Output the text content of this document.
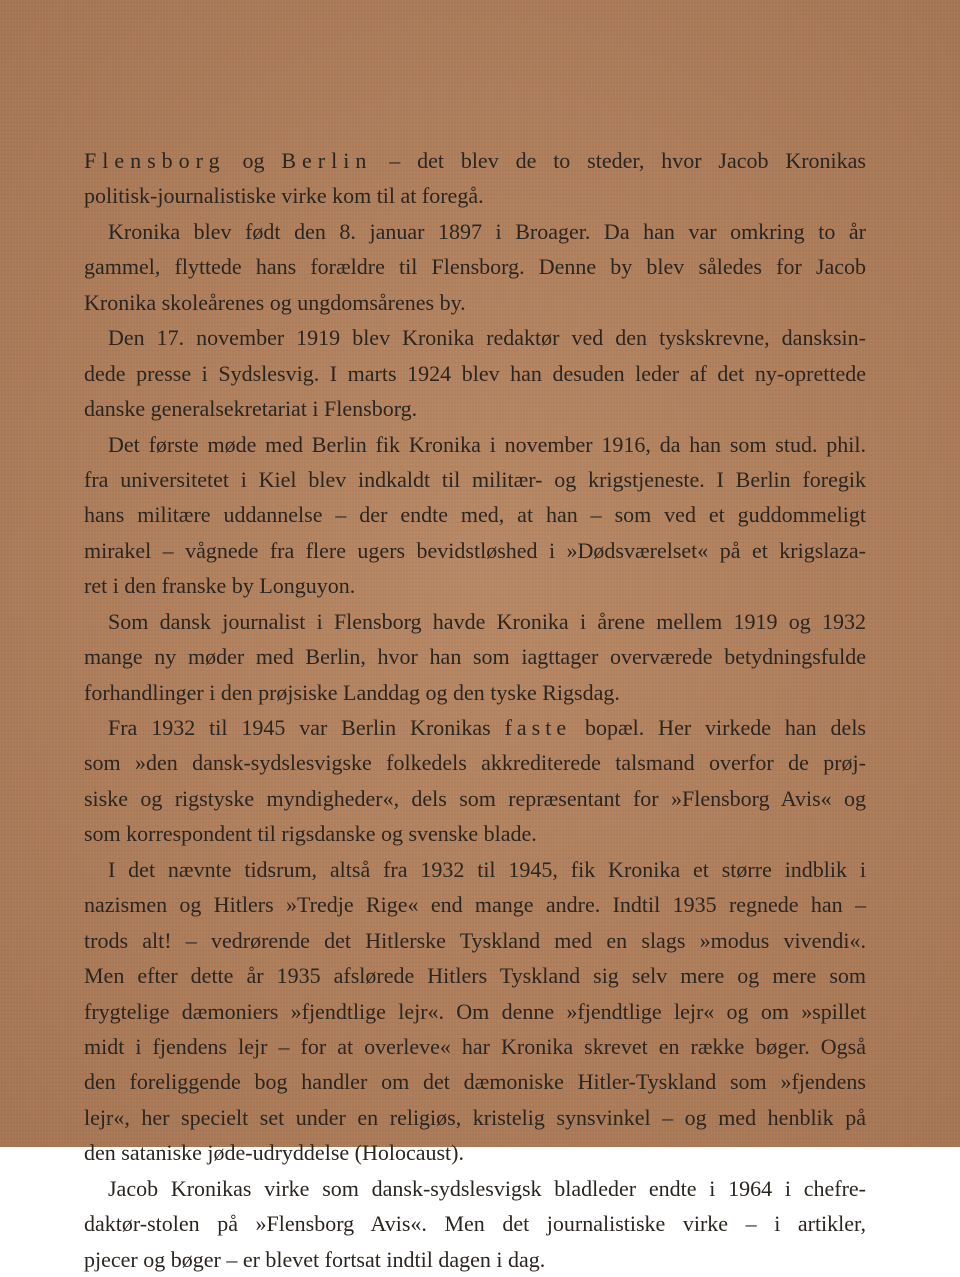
Flensborg og Berlin – det blev de to steder, hvor Jacob Kronikas
politisk-journalistiske virke kom til at foregå.
Kronika blev født den 8. januar 1897 i Broager. Da han var omkring to år
gammel, flyttede hans forældre til Flensborg. Denne by blev således for Jacob
Kronika skoleårenes og ungdomsårenes by.
Den 17. november 1919 blev Kronika redaktør ved den tyskskrevne, dansksin-
dede presse i Sydslesvig. I marts 1924 blev han desuden leder af det ny-oprettede
danske generalsekretariat i Flensborg.
Det første møde med Berlin fik Kronika i november 1916, da han som stud. phil.
fra universitetet i Kiel blev indkaldt til militær- og krigstjeneste. I Berlin foregik
hans militære uddannelse – der endte med, at han – som ved et guddommeligt
mirakel – vågnede fra flere ugers bevidstløshed i »Dødsværelset« på et krigslaza-
ret i den franske by Longuyon.
Som dansk journalist i Flensborg havde Kronika i årene mellem 1919 og 1932
mange ny møder med Berlin, hvor han som iagttager overværede betydningsfulde
forhandlinger i den prøjsiske Landdag og den tyske Rigsdag.
Fra 1932 til 1945 var Berlin Kronikas faste bopæl. Her virkede han dels
som »den dansk-sydslesvigske folkedels akkrediterede talsmand overfor de prøj-
siske og rigstyske myndigheder«, dels som repræsentant for »Flensborg Avis« og
som korrespondent til rigsdanske og svenske blade.
I det nævnte tidsrum, altså fra 1932 til 1945, fik Kronika et større indblik i
nazismen og Hitlers »Tredje Rige« end mange andre. Indtil 1935 regnede han –
trods alt! – vedrørende det Hitlerske Tyskland med en slags »modus vivendi«.
Men efter dette år 1935 afslørede Hitlers Tyskland sig selv mere og mere som
frygtelige dæmoniers »fjendtlige lejr«. Om denne »fjendtlige lejr« og om »spillet
midt i fjendens lejr – for at overleve« har Kronika skrevet en række bøger. Også
den foreliggende bog handler om det dæmoniske Hitler-Tyskland som »fjendens
lejr«, her specielt set under en religiøs, kristelig synsvinkel – og med henblik på
den sataniske jøde-udryddelse (Holocaust).
Jacob Kronikas virke som dansk-sydslesvigsk bladleder endte i 1964 i chefre-
daktør-stolen på »Flensborg Avis«. Men det journalistiske virke – i artikler,
pjecer og bøger – er blevet fortsat indtil dagen i dag.
